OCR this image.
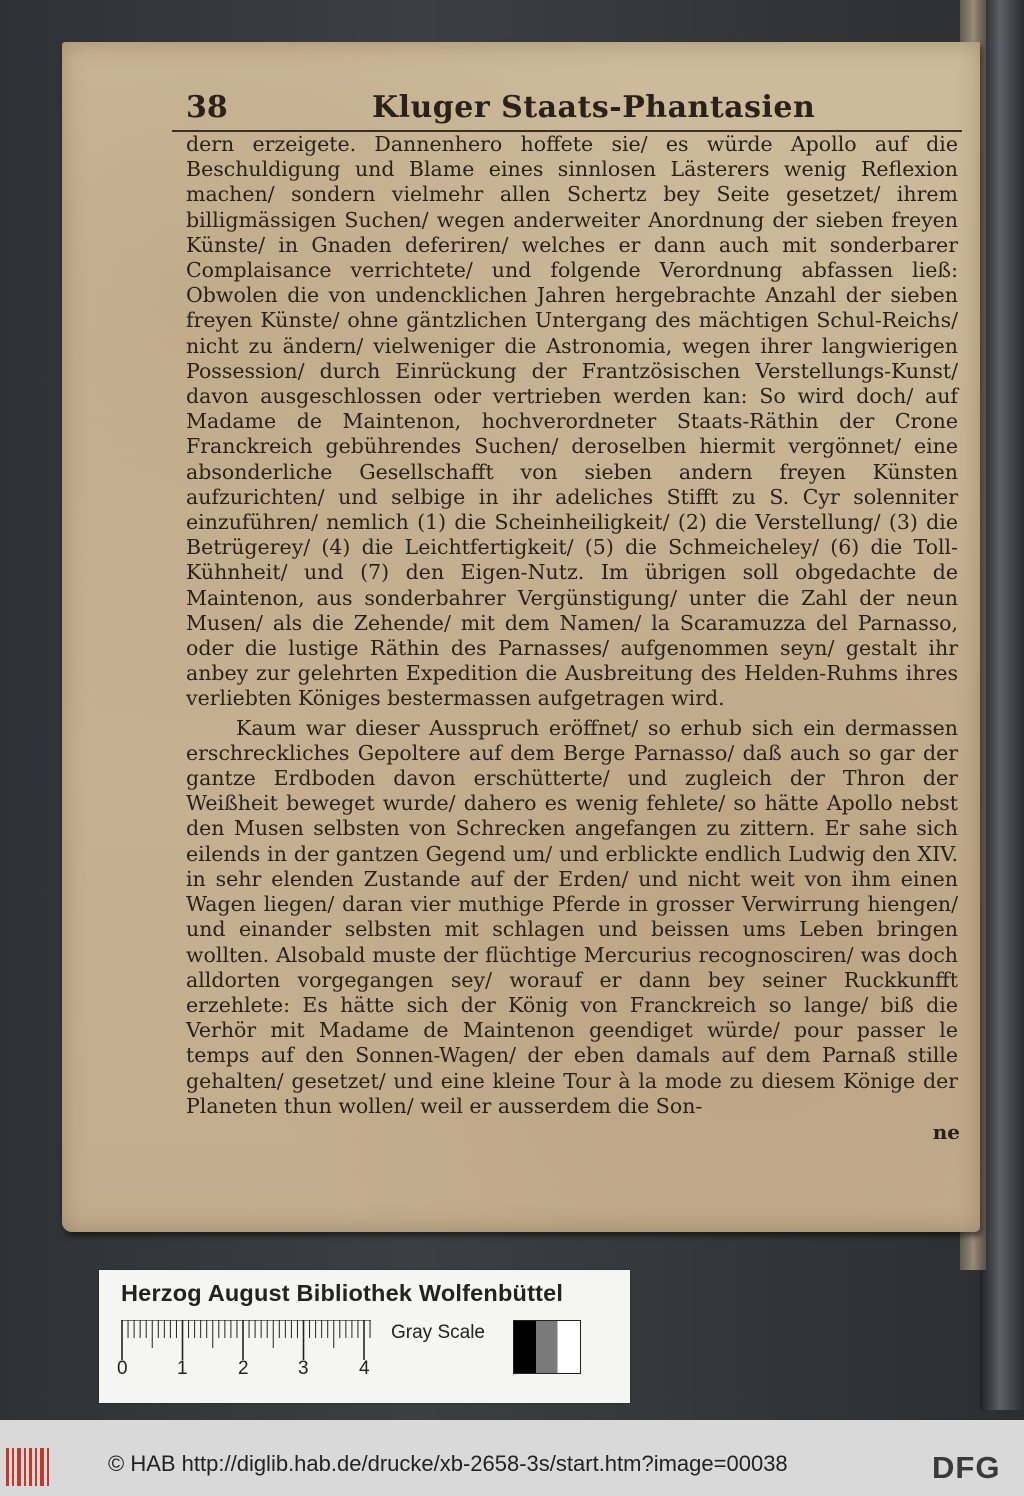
38	Kluger Staats-Phantasien

dern erzeigete. Dannenhero hoffete sie/ es würde Apollo auf die Beschuldigung und Blame eines sinnlosen Lästerers wenig Reflexion machen/ sondern vielmehr allen Schertz bey Seite gesetzet/ ihrem billigmässigen Suchen/ wegen anderweiter Anordnung der sieben freyen Künste/ in Gnaden deferiren/ welches er dann auch mit sonderbarer Complaisance verrichtete/ und folgende Verordnung abfassen ließ: Obwolen die von undencklichen Jahren hergebrachte Anzahl der sieben freyen Künste/ ohne gäntzlichen Untergang des mächtigen Schul-Reichs/ nicht zu ändern/ vielweniger die Astronomia, wegen ihrer langwierigen Possession/ durch Einrückung der Frantzösischen Verstellungs-Kunst/ davon ausgeschlossen oder vertrieben werden kan: So wird doch/ auf Madame de Maintenon, hochverordneter Staats-Räthin der Crone Franckreich gebührendes Suchen/ deroselben hiermit vergönnet/ eine absonderliche Gesellschafft von sieben andern freyen Künsten aufzurichten/ und selbige in ihr adeliches Stifft zu S. Cyr solenniter einzuführen/ nemlich (1) die Scheinheiligkeit/ (2) die Verstellung/ (3) die Betrügerey/ (4) die Leichtfertigkeit/ (5) die Schmeicheley/ (6) die Toll-Kühnheit/ und (7) den Eigen-Nutz. Im übrigen soll obgedachte de Maintenon, aus sonderbahrer Vergünstigung/ unter die Zahl der neun Musen/ als die Zehende/ mit dem Namen/ la Scaramuzza del Parnasso, oder die lustige Räthin des Parnasses/ aufgenommen seyn/ gestalt ihr anbey zur gelehrten Expedition die Ausbreitung des Helden-Ruhms ihres verliebten Königes bestermassen aufgetragen wird.

Kaum war dieser Ausspruch eröffnet/ so erhub sich ein dermassen erschreckliches Gepoltere auf dem Berge Parnasso/ daß auch so gar der gantze Erdboden davon erschütterte/ und zugleich der Thron der Weißheit beweget wurde/ dahero es wenig fehlete/ so hätte Apollo nebst den Musen selbsten von Schrecken angefangen zu zittern. Er sahe sich eilends in der gantzen Gegend um/ und erblickte endlich Ludwig den XIV. in sehr elenden Zustande auf der Erden/ und nicht weit von ihm einen Wagen liegen/ daran vier muthige Pferde in grosser Verwirrung hiengen/ und einander selbsten mit schlagen und beissen ums Leben bringen wollten. Alsobald muste der flüchtige Mercurius recognosciren/ was doch alldorten vorgegangen sey/ worauf er dann bey seiner Ruckkunfft erzehlete: Es hätte sich der König von Franckreich so lange/ biß die Verhör mit Madame de Maintenon geendiget würde/ pour passer le temps auf den Sonnen-Wagen/ der eben damals auf dem Parnaß stille gehalten/ gesetzet/ und eine kleine Tour à la mode zu diesem Könige der Planeten thun wollen/ weil er ausserdem die Son-

ne
Herzog August Bibliothek Wolfenbüttel
0	1	2	3	4
Gray Scale
© HAB http://diglib.hab.de/drucke/xb-2658-3s/start.htm?image=00038	DFG
